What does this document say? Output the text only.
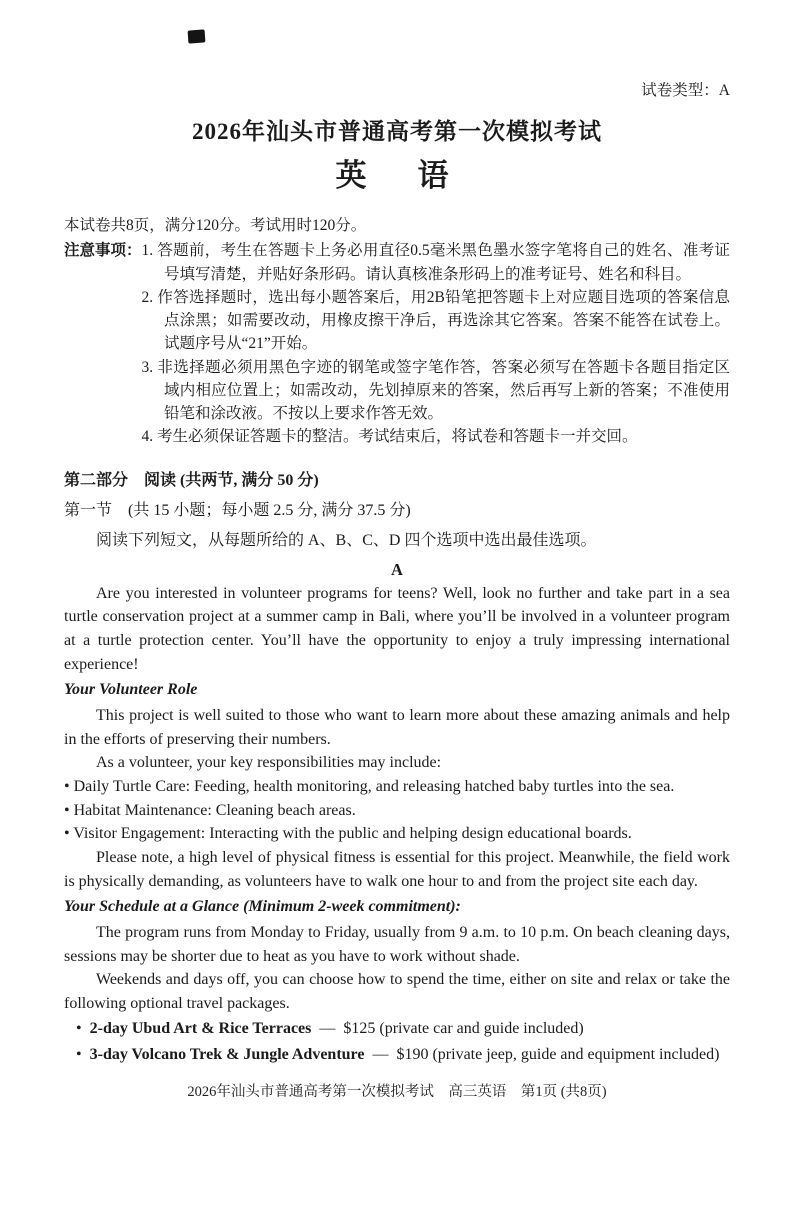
试卷类型：A
2026年汕头市普通高考第一次模拟考试
英　语
本试卷共8页，满分120分。考试用时120分。
注意事项： 1. 答题前，考生在答题卡上务必用直径0.5毫米黑色墨水签字笔将自己的姓名、准考证号填写清楚，并贴好条形码。请认真核准条形码上的准考证号、姓名和科目。
2. 作答选择题时，选出每小题答案后，用2B铅笔把答题卡上对应题目选项的答案信息点涂黑；如需要改动，用橡皮擦干净后，再选涂其它答案。答案不能答在试卷上。试题序号从“21”开始。
3. 非选择题必须用黑色字迹的钢笔或签字笔作答，答案必须写在答题卡各题目指定区域内相应位置上；如需改动，先划掉原来的答案，然后再写上新的答案；不准使用铅笔和涂改液。不按以上要求作答无效。
4. 考生必须保证答题卡的整洁。考试结束后，将试卷和答题卡一并交回。
第二部分　阅读 (共两节, 满分 50 分)
第一节　(共 15 小题；每小题 2.5 分, 满分 37.5 分)
阅读下列短文，从每题所给的 A、B、C、D 四个选项中选出最佳选项。
A

Are you interested in volunteer programs for teens? Well, look no further and take part in a sea turtle conservation project at a summer camp in Bali, where you’ll be involved in a volunteer program at a turtle protection center. You’ll have the opportunity to enjoy a truly impressing international experience!

Your Volunteer Role

This project is well suited to those who want to learn more about these amazing animals and help in the efforts of preserving their numbers.

As a volunteer, your key responsibilities may include:

• Daily Turtle Care: Feeding, health monitoring, and releasing hatched baby turtles into the sea.

• Habitat Maintenance: Cleaning beach areas.

• Visitor Engagement: Interacting with the public and helping design educational boards.

Please note, a high level of physical fitness is essential for this project. Meanwhile, the field work is physically demanding, as volunteers have to walk one hour to and from the project site each day.

Your Schedule at a Glance (Minimum 2-week commitment):

The program runs from Monday to Friday, usually from 9 a.m. to 10 p.m. On beach cleaning days, sessions may be shorter due to heat as you have to work without shade.

Weekends and days off, you can choose how to spend the time, either on site and relax or take the following optional travel packages.

• 2-day Ubud Art & Rice Terraces — $125 (private car and guide included)
• 3-day Volcano Trek & Jungle Adventure — $190 (private jeep, guide and equipment included)
2026年汕头市普通高考第一次模拟考试　高三英语　第1页 (共8页)
